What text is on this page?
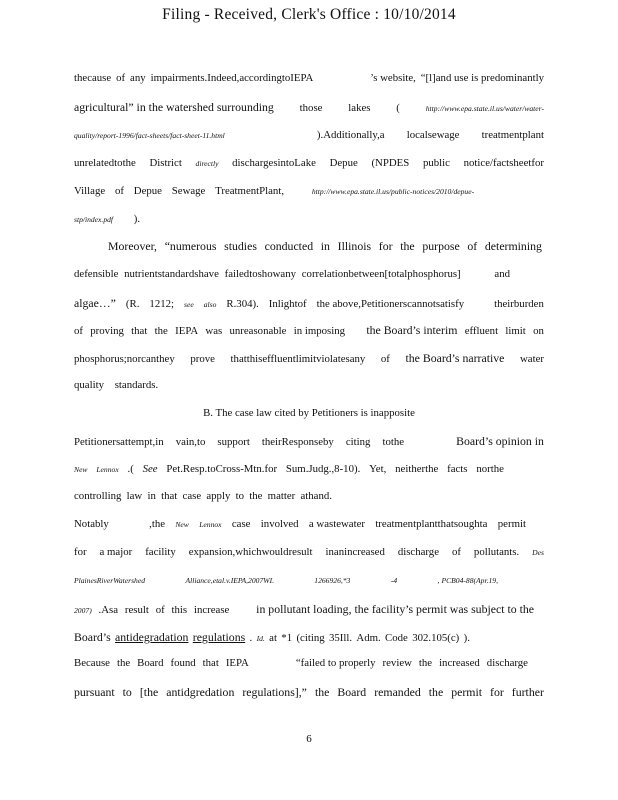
Filing - Received, Clerk's Office : 10/10/2014
thecause of any impairments.Indeed,accordingtoIEPA	’s website, “[l]and use is predominantly
agricultural” in the watershed surrounding those lakes (	http://www.epa.state.il.us/water/water-
quality/report-1996/fact-sheets/fact-sheet-11.html	).Additionally,a localsewage treatmentplant
unrelatedtothe District directly dischargesintoLake Depue (NPDES public notice/factsheetfor
Village of Depue Sewage TreatmentPlant,	http://www.epa.state.il.us/public-notices/2010/depue-
stp/index.pdf ).
Moreover, “numerous studies conducted in Illinois for the purpose of determining
defensible nutrientstandardshave failedtoshowany correlationbetween[totalphosphorus]	and
algae…” (R. 1212; see also R.304). Inlightof the above,Petitionerscannotsatisfy	theirburden
of proving that the IEPA was unreasonable in imposing the Board’s interim effluent limit on
phosphorus;norcanthey prove thatthiseffluentlimitviolatesany of the Board’s narrative water
quality standards.
B. The case law cited by Petitioners is inapposite
Petitionersattempt,in vain,to support theirResponseby citing tothe	Board’s opinion in
New Lennox .( See Pet.Resp.toCross-Mtn.for Sum.Judg.,8-10). Yet, neitherthe facts northe
controlling law in that case apply to the matter athand.
Notably	,the New Lennox case involved a wastewater treatmentplantthatsoughta permit
for a major facility expansion,whichwouldresult inanincreased discharge of pollutants. Des
PlainesRiverWatershed	Alliance,etal.v.IEPA,2007WL	1266926,*3	-4	, PCB04-88(Apr.19,
2007) .Asa result of this increase in pollutant loading, the facility’s permit was subject to the
Board’s antidegradation regulations . Id. at *1 (citing 35Ill. Adm. Code 302.105(c) ).
Because the Board found that IEPA	“failed to properly review the increased discharge
pursuant to [the antidgredation regulations],” the Board remanded the permit for further
6
